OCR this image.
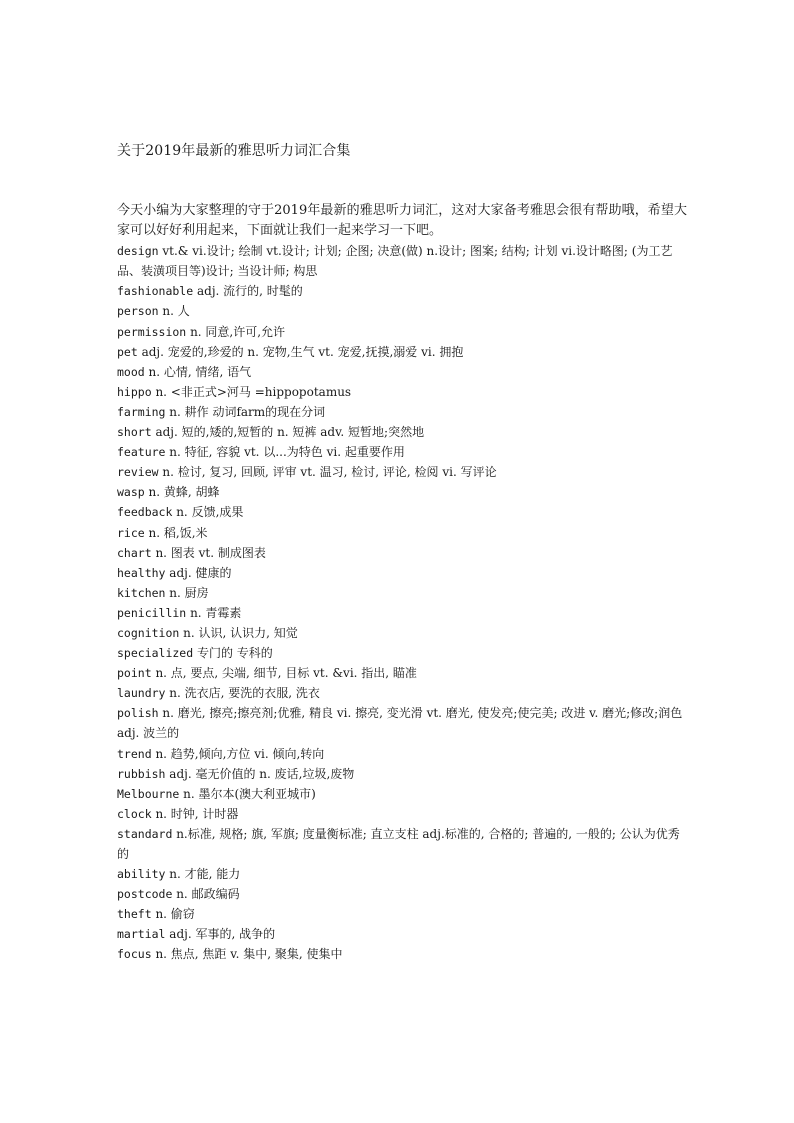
关于2019年最新的雅思听力词汇合集

今天小编为大家整理的守于2019年最新的雅思听力词汇，这对大家备考雅思会很有帮助哦，希望大家可以好好利用起来，下面就让我们一起来学习一下吧。

design vt.& vi.设计; 绘制 vt.设计; 计划; 企图; 决意(做) n.设计; 图案; 结构; 计划 vi.设计略图; (为工艺品、装潢项目等)设计; 当设计师; 构思

fashionable adj. 流行的, 时髦的

person n. 人

permission n. 同意,许可,允许

pet adj. 宠爱的,珍爱的 n. 宠物,生气 vt. 宠爱,抚摸,溺爱 vi. 拥抱

mood n. 心情, 情绪, 语气

hippo n. <非正式>河马 =hippopotamus

farming n. 耕作 动词farm的现在分词

short adj. 短的,矮的,短暂的 n. 短裤 adv. 短暂地;突然地

feature n. 特征, 容貌 vt. 以...为特色 vi. 起重要作用

review n. 检讨, 复习, 回顾, 评审 vt. 温习, 检讨, 评论, 检阅 vi. 写评论

wasp n. 黄蜂, 胡蜂

feedback n. 反馈,成果

rice n. 稻,饭,米

chart n. 图表 vt. 制成图表

healthy adj. 健康的

kitchen n. 厨房

penicillin n. 青霉素

cognition n. 认识, 认识力, 知觉

specialized 专门的 专科的

point n. 点, 要点, 尖端, 细节, 目标 vt. &vi. 指出, 瞄准

laundry n. 洗衣店, 要洗的衣服, 洗衣

polish n. 磨光, 擦亮;擦亮剂;优雅, 精良 vi. 擦亮, 变光滑 vt. 磨光, 使发亮;使完美; 改进 v. 磨光;修改;润色 adj. 波兰的

trend n. 趋势,倾向,方位 vi. 倾向,转向

rubbish adj. 毫无价值的 n. 废话,垃圾,废物

Melbourne n. 墨尔本(澳大利亚城市)

clock n. 时钟, 计时器

standard n.标准, 规格; 旗, 军旗; 度量衡标准; 直立支柱 adj.标准的, 合格的; 普遍的, 一般的; 公认为优秀的

ability n. 才能, 能力

postcode n. 邮政编码

theft n. 偷窃

martial adj. 军事的, 战争的

focus n. 焦点, 焦距 v. 集中, 聚集, 使集中
